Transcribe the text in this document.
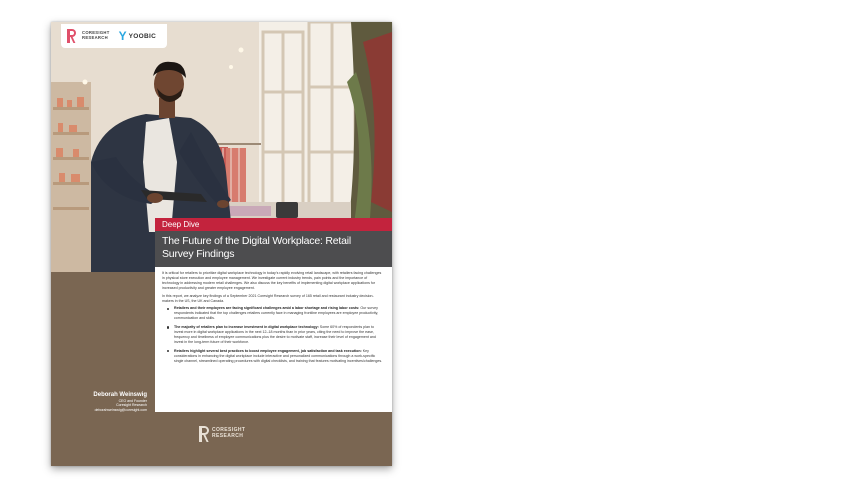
CORESIGHT
RESEARCH Y YOOBIC
Deep Dive
The Future of the Digital Workplace: Retail Survey Findings

It is critical for retailers to prioritize digital workplace technology in today’s rapidly evolving retail landscape, with retailers facing challenges in physical store execution and employee management. We investigate current industry trends, pain points and the importance of technology in addressing modern retail challenges. We also discuss the key benefits of implementing digital workplace applications for increased productivity and greater employee engagement.

In this report, we analyze key findings of a September 2021 Coresight Research survey of 165 retail and restaurant industry decision-makers in the US, the UK and Canada.

Retailers and their employees are facing significant challenges amid a labor shortage and rising labor costs: Our survey respondents indicated that the top challenges retailers currently face in managing frontline employees are employee productivity, communication and skills.
The majority of retailers plan to increase investment in digital workplace technology: Some 60% of respondents plan to invest more in digital workplace applications in the next 12–18 months than in prior years, citing the need to improve the ease, frequency and timeliness of employee communications plus the desire to motivate staff, increase their level of engagement and invest in the long-term future of their workforce.
Retailers highlight several best practices to boost employee engagement, job satisfaction and task execution: Key considerations in enhancing the digital workplace include interactive and personalized communications through a work-specific single channel, streamlined operating procedures with digital checklists, and training that features motivating incentives/challenges.
Deborah Weinswig
CEO and Founder
Coresight Research
deborahweinswig@coresight.com
CORESIGHT
RESEARCH
